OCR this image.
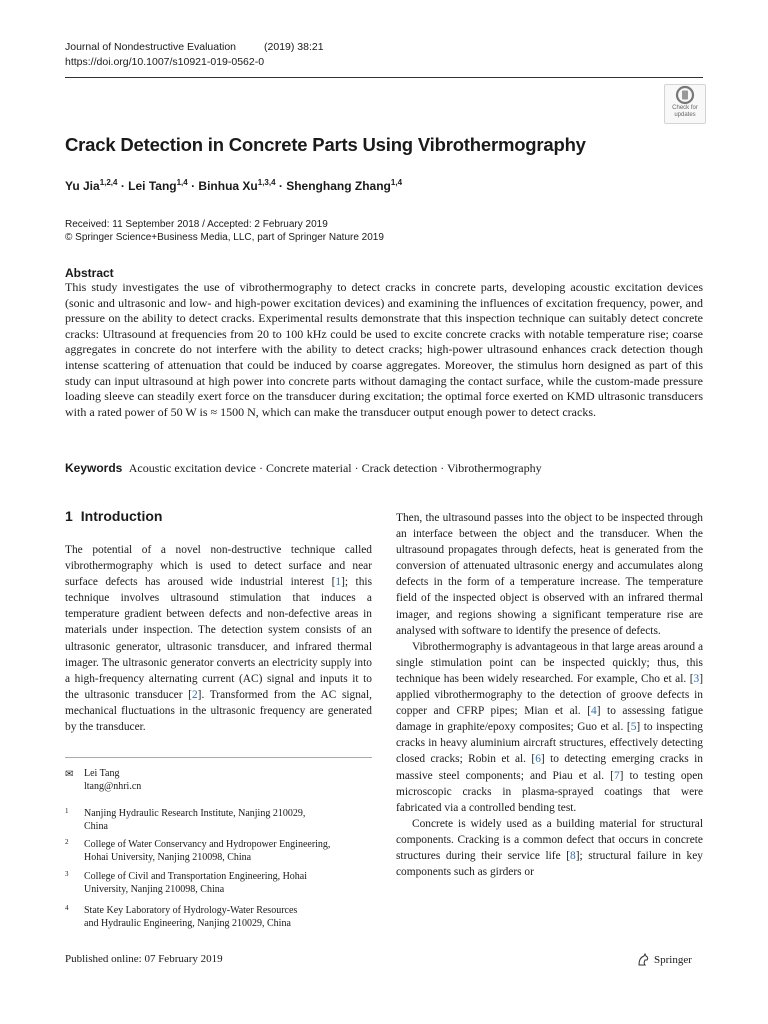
Journal of Nondestructive Evaluation	(2019) 38:21
https://doi.org/10.1007/s10921-019-0562-0
Check for
updates
Crack Detection in Concrete Parts Using Vibrothermography
Yu Jia$^{1,2,4}$ · Lei Tang$^{1,4}$ · Binhua Xu$^{1,3,4}$ · Shenghang Zhang$^{1,4}$
Received: 11 September 2018 / Accepted: 2 February 2019
© Springer Science+Business Media, LLC, part of Springer Nature 2019
Abstract
This study investigates the use of vibrothermography to detect cracks in concrete parts, developing acoustic excitation devices (sonic and ultrasonic and low- and high-power excitation devices) and examining the influences of excitation frequency, power, and pressure on the ability to detect cracks. Experimental results demonstrate that this inspection technique can suitably detect concrete cracks: Ultrasound at frequencies from 20 to 100 kHz could be used to excite concrete cracks with notable temperature rise; coarse aggregates in concrete do not interfere with the ability to detect cracks; high-power ultrasound enhances crack detection though intense scattering of attenuation that could be induced by coarse aggregates. Moreover, the stimulus horn designed as part of this study can input ultrasound at high power into concrete parts without damaging the contact surface, while the custom-made pressure loading sleeve can steadily exert force on the transducer during excitation; the optimal force exerted on KMD ultrasonic transducers with a rated power of 50 W is ≈ 1500 N, which can make the transducer output enough power to detect cracks.
Keywords Acoustic excitation device · Concrete material · Crack detection · Vibrothermography
1 Introduction

The potential of a novel non-destructive technique called vibrothermography which is used to detect surface and near surface defects has aroused wide industrial interest [1]; this technique involves ultrasound stimulation that induces a temperature gradient between defects and non-defective areas in materials under inspection. The detection system consists of an ultrasonic generator, ultrasonic transducer, and infrared thermal imager. The ultrasonic generator converts an electricity supply into a high-frequency alternating current (AC) signal and inputs it to the ultrasonic transducer [2]. Transformed from the AC signal, mechanical fluctuations in the ultrasonic frequency are generated by the transducer.

Then, the ultrasound passes into the object to be inspected through an interface between the object and the transducer. When the ultrasound propagates through defects, heat is generated from the conversion of attenuated ultrasonic energy and accumulates along defects in the form of a temperature increase. The temperature field of the inspected object is observed with an infrared thermal imager, and regions showing a significant temperature rise are analysed with software to identify the presence of defects.

Vibrothermography is advantageous in that large areas around a single stimulation point can be inspected quickly; thus, this technique has been widely researched. For example, Cho et al. [3] applied vibrothermography to the detection of groove defects in copper and CFRP pipes; Mian et al. [4] to assessing fatigue damage in graphite/epoxy composites; Guo et al. [5] to inspecting cracks in heavy aluminium aircraft structures, effectively detecting closed cracks; Robin et al. [6] to detecting emerging cracks in massive steel components; and Piau et al. [7] to testing open microscopic cracks in plasma-sprayed coatings that were fabricated via a controlled bending test.

Concrete is widely used as a building material for structural components. Cracking is a common defect that occurs in concrete structures during their service life [8]; structural failure in key components such as girders or

✉ Lei Tang
ltang@nhri.cn
1 Nanjing Hydraulic Research Institute, Nanjing 210029,
China
2 College of Water Conservancy and Hydropower Engineering,
Hohai University, Nanjing 210098, China
3 College of Civil and Transportation Engineering, Hohai
University, Nanjing 210098, China
4 State Key Laboratory of Hydrology-Water Resources
and Hydraulic Engineering, Nanjing 210029, China
Published online: 07 February 2019	Springer
